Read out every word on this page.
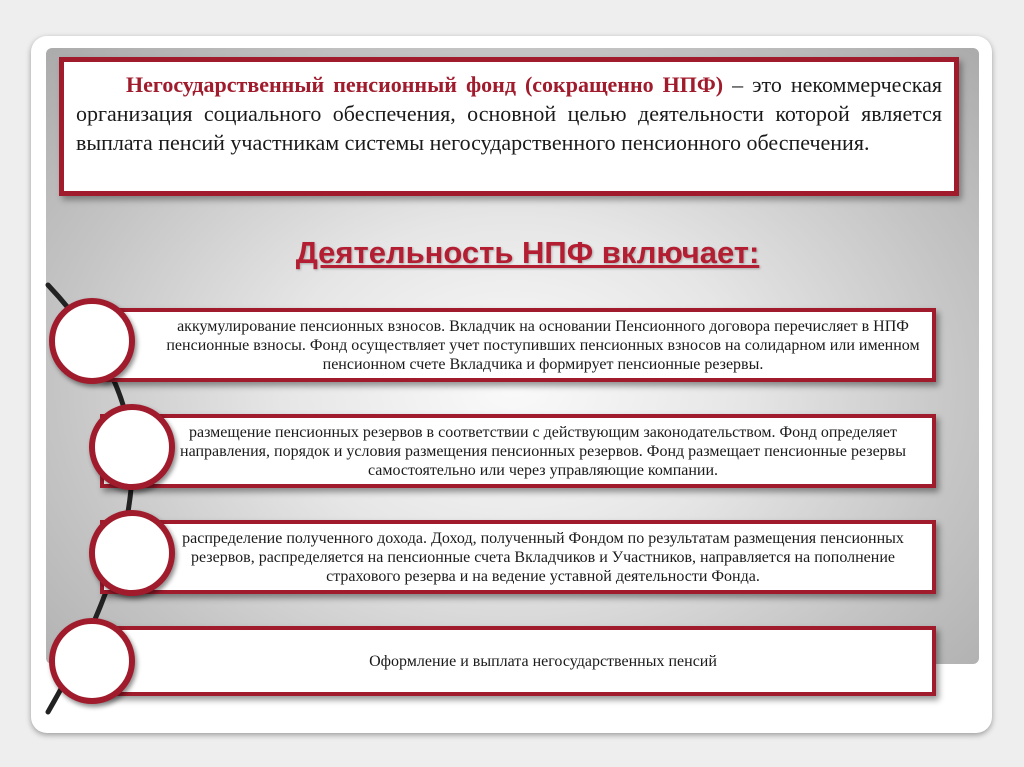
Негосударственный пенсионный фонд (сокращенно НПФ) – это некоммерческая организация социального обеспечения, основной целью деятельности которой является выплата пенсий участникам системы негосударственного пенсионного обеспечения.

Деятельность НПФ включает:
аккумулирование пенсионных взносов. Вкладчик на основании Пенсионного договора перечисляет в НПФ пенсионные взносы. Фонд осуществляет учет поступивших пенсионных взносов на солидарном или именном пенсионном счете Вкладчика и формирует пенсионные резервы.
размещение пенсионных резервов в соответствии с действующим законодательством. Фонд определяет направления, порядок и условия размещения пенсионных резервов. Фонд размещает пенсионные резервы самостоятельно или через управляющие компании.
распределение полученного дохода. Доход, полученный Фондом по результатам размещения пенсионных резервов, распределяется на пенсионные счета Вкладчиков и Участников, направляется на пополнение страхового резерва и на ведение уставной деятельности Фонда.
Оформление и выплата негосударственных пенсий
